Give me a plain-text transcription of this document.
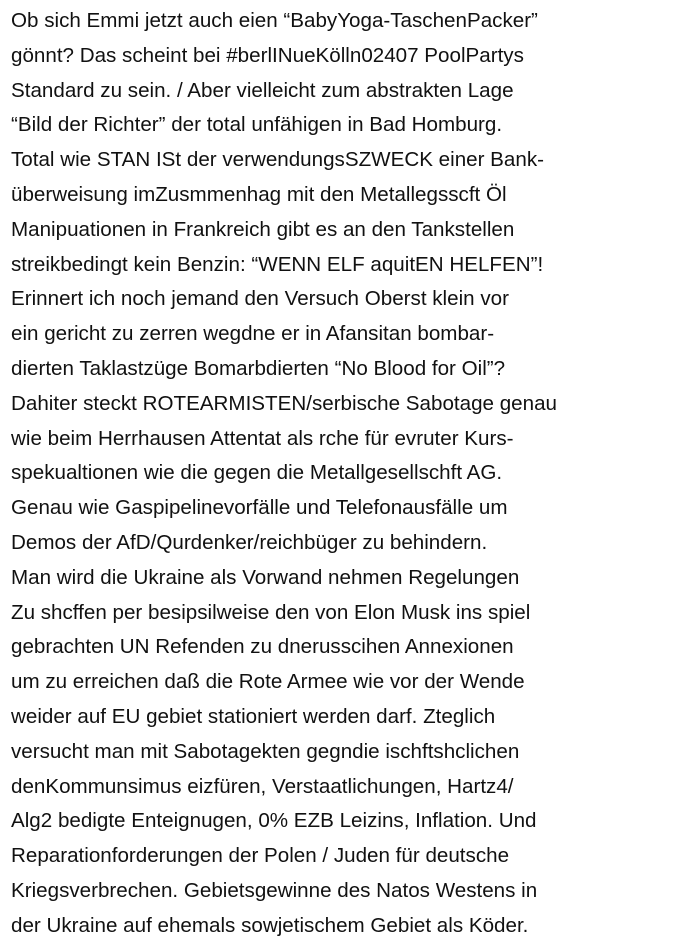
Ob sich Emmi jetzt auch eien “BabyYoga-TaschenPacker”
gönnt? Das scheint bei #berlINueKölln02407 PoolPartys
Standard zu sein. / Aber vielleicht zum abstrakten Lage
“Bild der Richter” der total unfähigen in Bad Homburg.
Total wie STAN ISt der verwendungsSZWECK einer Bank-
überweisung imZusmmenhag mit den Metallegsscft Öl
Manipuationen in Frankreich gibt es an den Tankstellen
streikbedingt kein Benzin: “WENN ELF aquitEN HELFEN”!
Erinnert ich noch jemand den Versuch Oberst klein vor
ein gericht zu zerren wegdne er in Afansitan bombar-
dierten Taklastzüge Bomarbdierten “No Blood for Oil”?
Dahiter steckt ROTEARMISTEN/serbische Sabotage genau
wie beim Herrhausen Attentat als rche für evruter Kurs-
spekualtionen wie die gegen die Metallgesellschft AG.
Genau wie Gaspipelinevorfälle und Telefonausfälle um
Demos der AfD/Qurdenker/reichbüger zu behindern.
Man wird die Ukraine als Vorwand nehmen Regelungen
Zu shcffen per besipsilweise den von Elon Musk ins spiel
gebrachten UN Refenden zu dnerusscihen Annexionen
um zu erreichen daß die Rote Armee wie vor der Wende
weider auf EU gebiet stationiert werden darf. Zteglich
versucht man mit Sabotagekten gegndie ischftshclichen
denKommunsimus eizfüren, Verstaatlichungen, Hartz4/
Alg2 bedigte Enteignugen, 0% EZB Leizins, Inflation. Und
Reparationforderungen der Polen / Juden für deutsche
Kriegsverbrechen. Gebietsgewinne des Natos Westens in
der Ukraine auf ehemals sowjetischem Gebiet als Köder.
